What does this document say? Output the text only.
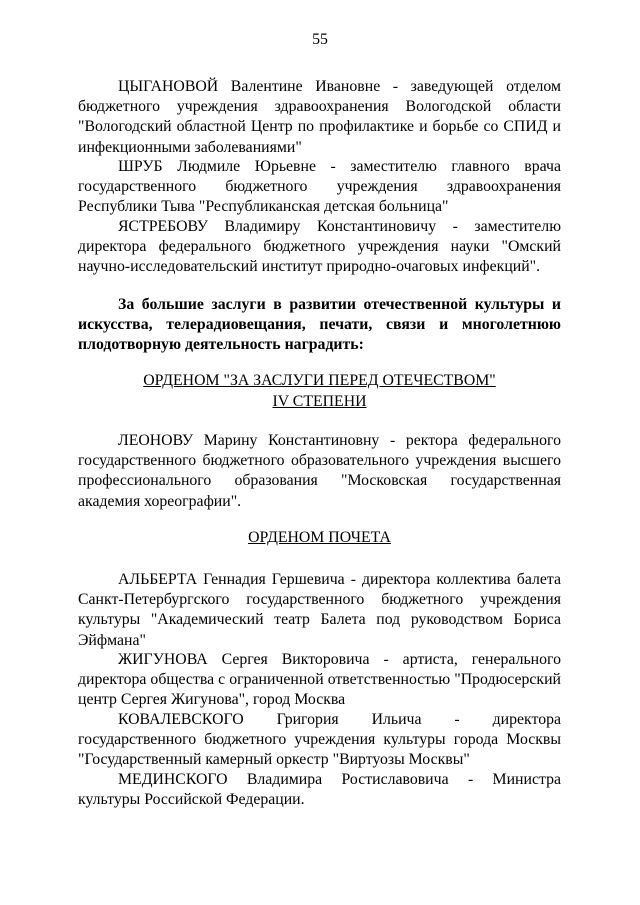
55

ЦЫГАНОВОЙ Валентине Ивановне - заведующей отделом бюджетного учреждения здравоохранения Вологодской области "Вологодский областной Центр по профилактике и борьбе со СПИД и инфекционными заболеваниями"

ШРУБ Людмиле Юрьевне - заместителю главного врача государственного бюджетного учреждения здравоохранения Республики Тыва "Республиканская детская больница"

ЯСТРЕБОВУ Владимиру Константиновичу - заместителю директора федерального бюджетного учреждения науки "Омский научно-исследовательский институт природно-очаговых инфекций".

За большие заслуги в развитии отечественной культуры и искусства, телерадиовещания, печати, связи и многолетнюю плодотворную деятельность наградить:

ОРДЕНОМ "ЗА ЗАСЛУГИ ПЕРЕД ОТЕЧЕСТВОМ"
IV СТЕПЕНИ

ЛЕОНОВУ Марину Константиновну - ректора федерального государственного бюджетного образовательного учреждения высшего профессионального образования "Московская государственная академия хореографии".

ОРДЕНОМ ПОЧЕТА

АЛЬБЕРТА Геннадия Гершевича - директора коллектива балета Санкт-Петербургского государственного бюджетного учреждения культуры "Академический театр Балета под руководством Бориса Эйфмана"

ЖИГУНОВА Сергея Викторовича - артиста, генерального директора общества с ограниченной ответственностью "Продюсерский центр Сергея Жигунова", город Москва

КОВАЛЕВСКОГО Григория Ильича - директора государственного бюджетного учреждения культуры города Москвы "Государственный камерный оркестр "Виртуозы Москвы"

МЕДИНСКОГО Владимира Ростиславовича - Министра культуры Российской Федерации.
